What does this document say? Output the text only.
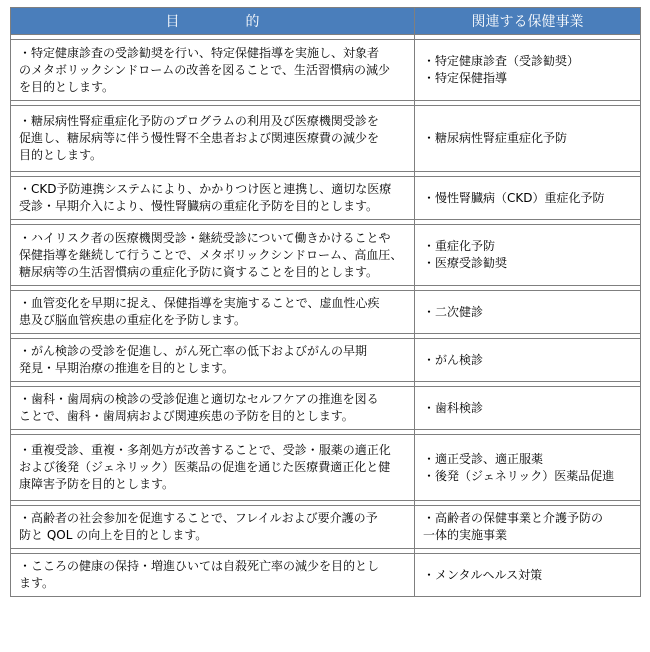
目　的	関連する保健事業

・特定健康診査の受診勧奨を行い、特定保健指導を実施し、対象者
のメタボリックシンドロームの改善を図ることで、生活習慣病の減少
を目的とします。	・特定健康診査（受診勧奨）
・特定保健指導

・糖尿病性腎症重症化予防のプログラムの利用及び医療機関受診を
促進し、糖尿病等に伴う慢性腎不全患者および関連医療費の減少を
目的とします。	・糖尿病性腎症重症化予防

・CKD予防連携システムにより、かかりつけ医と連携し、適切な医療
受診・早期介入により、慢性腎臓病の重症化予防を目的とします。	・慢性腎臓病（CKD）重症化予防

・ハイリスク者の医療機関受診・継続受診について働きかけることや
保健指導を継続して行うことで、メタボリックシンドローム、高血圧、
糖尿病等の生活習慣病の重症化予防に資することを目的とします。	・重症化予防
・医療受診勧奨

・血管変化を早期に捉え、保健指導を実施することで、虚血性心疾
患及び脳血管疾患の重症化を予防します。	・二次健診

・がん検診の受診を促進し、がん死亡率の低下およびがんの早期
発見・早期治療の推進を目的とします。	・がん検診

・歯科・歯周病の検診の受診促進と適切なセルフケアの推進を図る
ことで、歯科・歯周病および関連疾患の予防を目的とします。	・歯科検診

・重複受診、重複・多剤処方が改善することで、受診・服薬の適正化
および後発（ジェネリック）医薬品の促進を通じた医療費適正化と健
康障害予防を目的とします。	・適正受診、適正服薬
・後発（ジェネリック）医薬品促進

・高齢者の社会参加を促進することで、フレイルおよび要介護の予
防と QOL の向上を目的とします。	・高齢者の保健事業と介護予防の
一体的実施事業

・こころの健康の保持・増進ひいては自殺死亡率の減少を目的とし
ます。	・メンタルヘルス対策
